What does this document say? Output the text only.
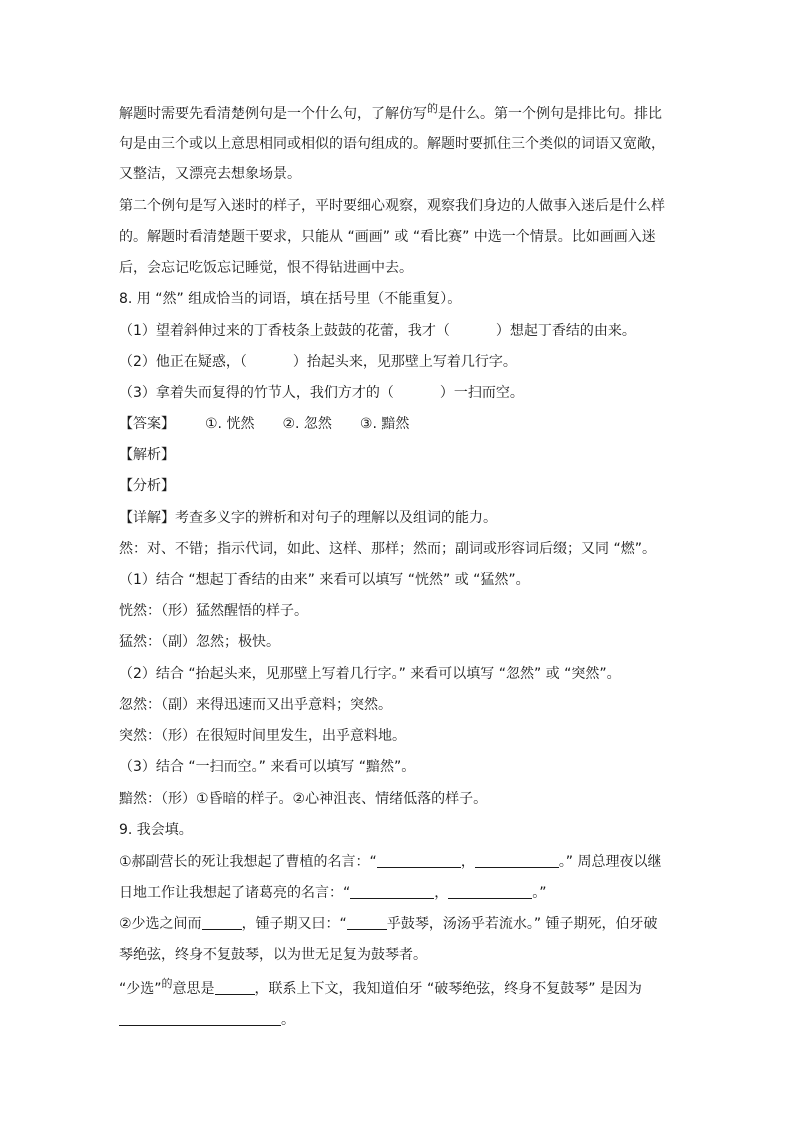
解题时需要先看清楚例句是一个什么句，了解仿写$^的$是什么。第一个例句是排比句。排比
句是由三个或以上意思相同或相似的语句组成的。解题时要抓住三个类似的词语又宽敞，
又整洁，又漂亮去想象场景。
第二个例句是写入迷时的样子，平时要细心观察，观察我们身边的人做事入迷后是什么样
的。解题时看清楚题干要求，只能从 “画画” 或 “看比赛” 中选一个情景。比如画画入迷
后，会忘记吃饭忘记睡觉，恨不得钻进画中去。
8. 用 “然” 组成恰当的词语，填在括号里（不能重复）。
（1）望着斜伸过来的丁香枝条上鼓鼓的花蕾，我才（	）想起丁香结的由来。
（2）他正在疑惑，（	）抬起头来，见那壁上写着几行字。
（3）拿着失而复得的竹节人，我们方才的（	）一扫而空。
【答案】 ①. 恍然 ②. 忽然 ③. 黯然
【解析】
【分析】
【详解】考查多义字的辨析和对句子的理解以及组词的能力。
然：对、不错；指示代词，如此、这样、那样；然而；副词或形容词后缀；又同 “燃”。
（1）结合 “想起丁香结的由来” 来看可以填写 “恍然” 或 “猛然”。
恍然：（形）猛然醒悟的样子。
猛然：（副）忽然；极快。
（2）结合 “抬起头来，见那壁上写着几行字。” 来看可以填写 “忽然” 或 “突然”。
忽然：（副）来得迅速而又出乎意料；突然。
突然：（形）在很短时间里发生，出乎意料地。
（3）结合 “一扫而空。” 来看可以填写 “黯然”。
黯然：（形）①昏暗的样子。②心神沮丧、情绪低落的样子。
9. 我会填。
①郝副营长的死让我想起了曹植的名言：“	，	。” 周总理夜以继
日地工作让我想起了诸葛亮的名言：“	，	。”
②少选之间而	，锺子期又曰：“	乎鼓琴，汤汤乎若流水。” 锺子期死，伯牙破
琴绝弦，终身不复鼓琴，以为世无足复为鼓琴者。
“少选”$^的$意思是	，联系上下文，我知道伯牙 “破琴绝弦，终身不复鼓琴” 是因为
。
